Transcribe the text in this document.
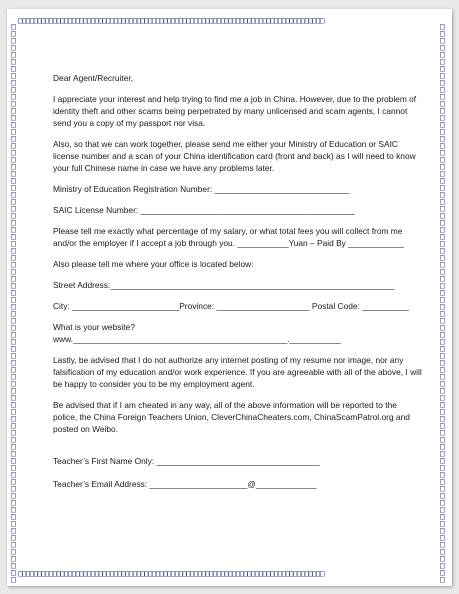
□□□□□□□□□□□□□□□□□□□□□□□□□□□□□□□□□□□□□□□□□□□□□□□□□□□□□□□□□□□□□□□□□□□□□□□□□□□□□□□□
□□□□□□□□□□□□□□□□□□□□□□□□□□□□□□□□□□□□□□□□□□□□□□□□□□□□□□□□□□□□□□□□□□□□□□□□□□□□□□□□
□
□
□
□
□
□
□
□
□
□
□
□
□
□
□
□
□
□
□
□
□
□
□
□
□
□
□
□
□
□
□
□
□
□
□
□
□
□
□
□
□
□
□
□
□
□
□
□
□
□
□
□
□
□
□
□
□
□
□
□
□
□
□
□
□
□
□
□
□
□
□
□
□
□
□
□
□
□
□
□
□
□
□
□
□
□
□
□
□
□
□
□
□
□
□
□
□
□
□
□
□
□
□
□
□
□
□
□
□
□
□
□
□
□
□
□
□
□
□
□
□
□
□
□
□
□
□
□
□
□
□
□
□
□
□
□
□
□
□
□
□
□
□
□
□
□
□
□
□
□
□
□
□
□
□
□
□
□
□
□

Dear Agent/Recruiter,

I appreciate your interest and help trying to find me a job in China. However, due to the problem of identity theft and other scams being perpetrated by many unlicensed and scam agents, I cannot send you a copy of my passport nor visa.

Also, so that we can work together, please send me either your Ministry of Education or SAIC license number and a scan of your China identification card (front and back) as I will need to know your full Chinese name in case we have any problems later.

Ministry of Education Registration Number: _____________________________

SAIC License Number: ______________________________________________

Please tell me exactly what percentage of my salary, or what total fees you will collect from me and/or the employer if I accept a job through you. ___________Yuan – Paid By ____________

Also please tell me where your office is located below:

Street Address:_____________________________________________________________

City: _______________________Province: ____________________ Postal Code: __________

What is your website? www.______________________________________________.___________

Lastly, be advised that I do not authorize any internet posting of my resume nor image, nor any falsification of my education and/or work experience. If you are agreeable with all of the above, I will be happy to consider you to be my employment agent.

Be advised that if I am cheated in any way, all of the above information will be reported to the police, the China Foreign Teachers Union, CleverChinaCheaters.com, ChinaScamPatrol.org and posted on Weibo.

Teacher’s First Name Only: ___________________________________

Teacher’s Email Address: _____________________@_____________
